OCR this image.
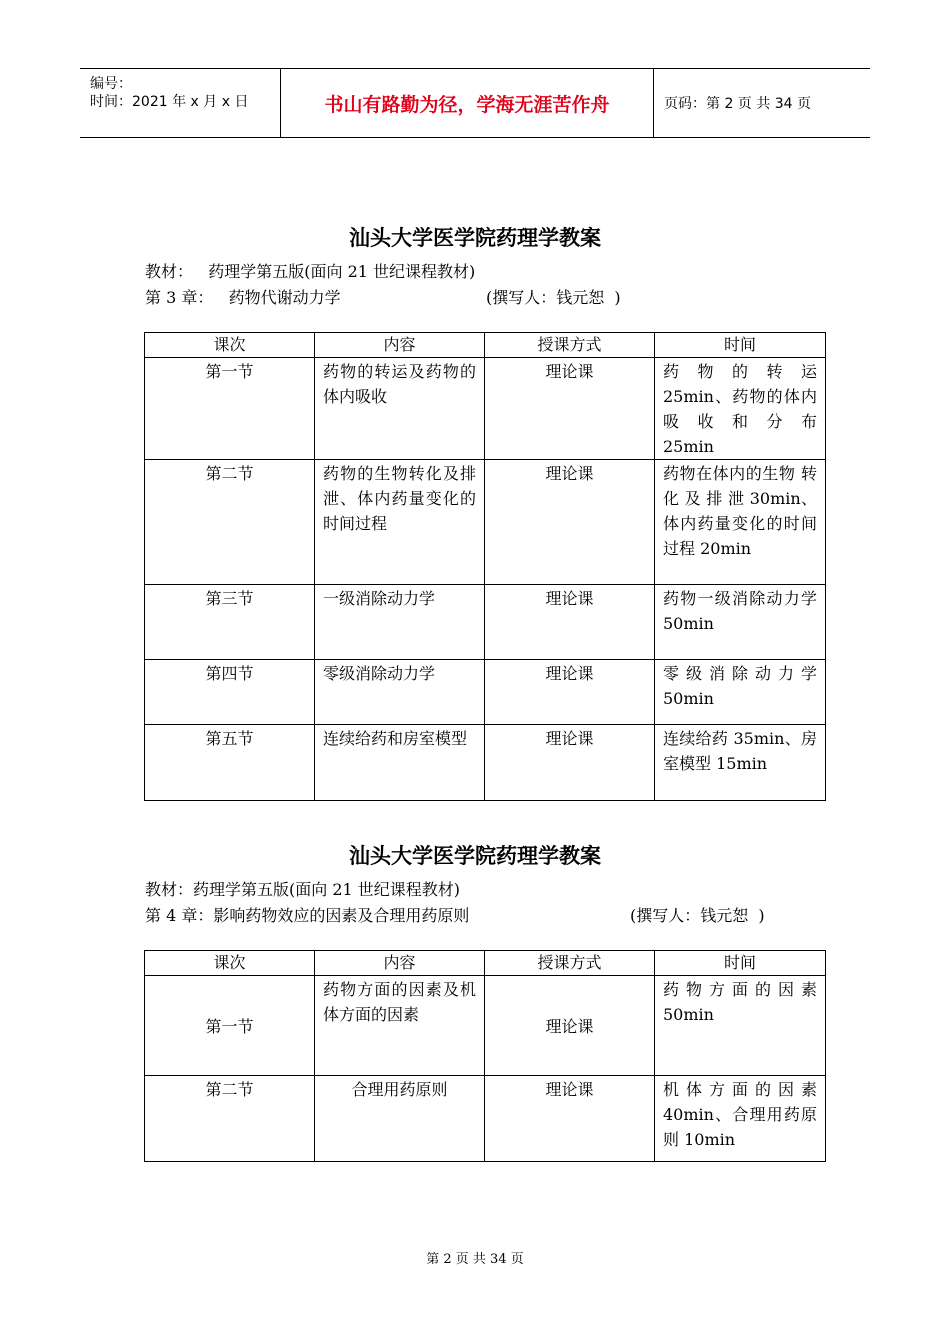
编号：
时间：2021 年 x 月 x 日	书山有路勤为径，学海无涯苦作舟	页码：第 2 页 共 34 页
汕头大学医学院药理学教案
教材：   药理学第五版(面向 21 世纪课程教材)
第 3 章：   药物代谢动力学	(撰写人：钱元恕  )
课次	内容	授课方式	时间
第一节	药物的转运及药物的体内吸收	理论课	药 物 的 转 运 25min、药物的体内 吸 收 和 分 布 25min
第二节	药物的生物转化及排泄、体内药量变化的时间过程	理论课	药物在体内的生物 转 化 及 排 泄 30min、体内药量变化的时间过程 20min
第三节	一级消除动力学	理论课	药物一级消除动力学 50min
第四节	零级消除动力学	理论课	零级消除动力学 50min
第五节	连续给药和房室模型	理论课	连续给药 35min、房室模型 15min
汕头大学医学院药理学教案
教材：药理学第五版(面向 21 世纪课程教材)
第 4 章：影响药物效应的因素及合理用药原则	(撰写人：钱元恕  )
课次	内容	授课方式	时间
第一节	药物方面的因素及机体方面的因素	理论课	药物方面的因素 50min
第二节	合理用药原则	理论课	机体方面的因素 40min、合理用药原则 10min
第 2 页 共 34 页
